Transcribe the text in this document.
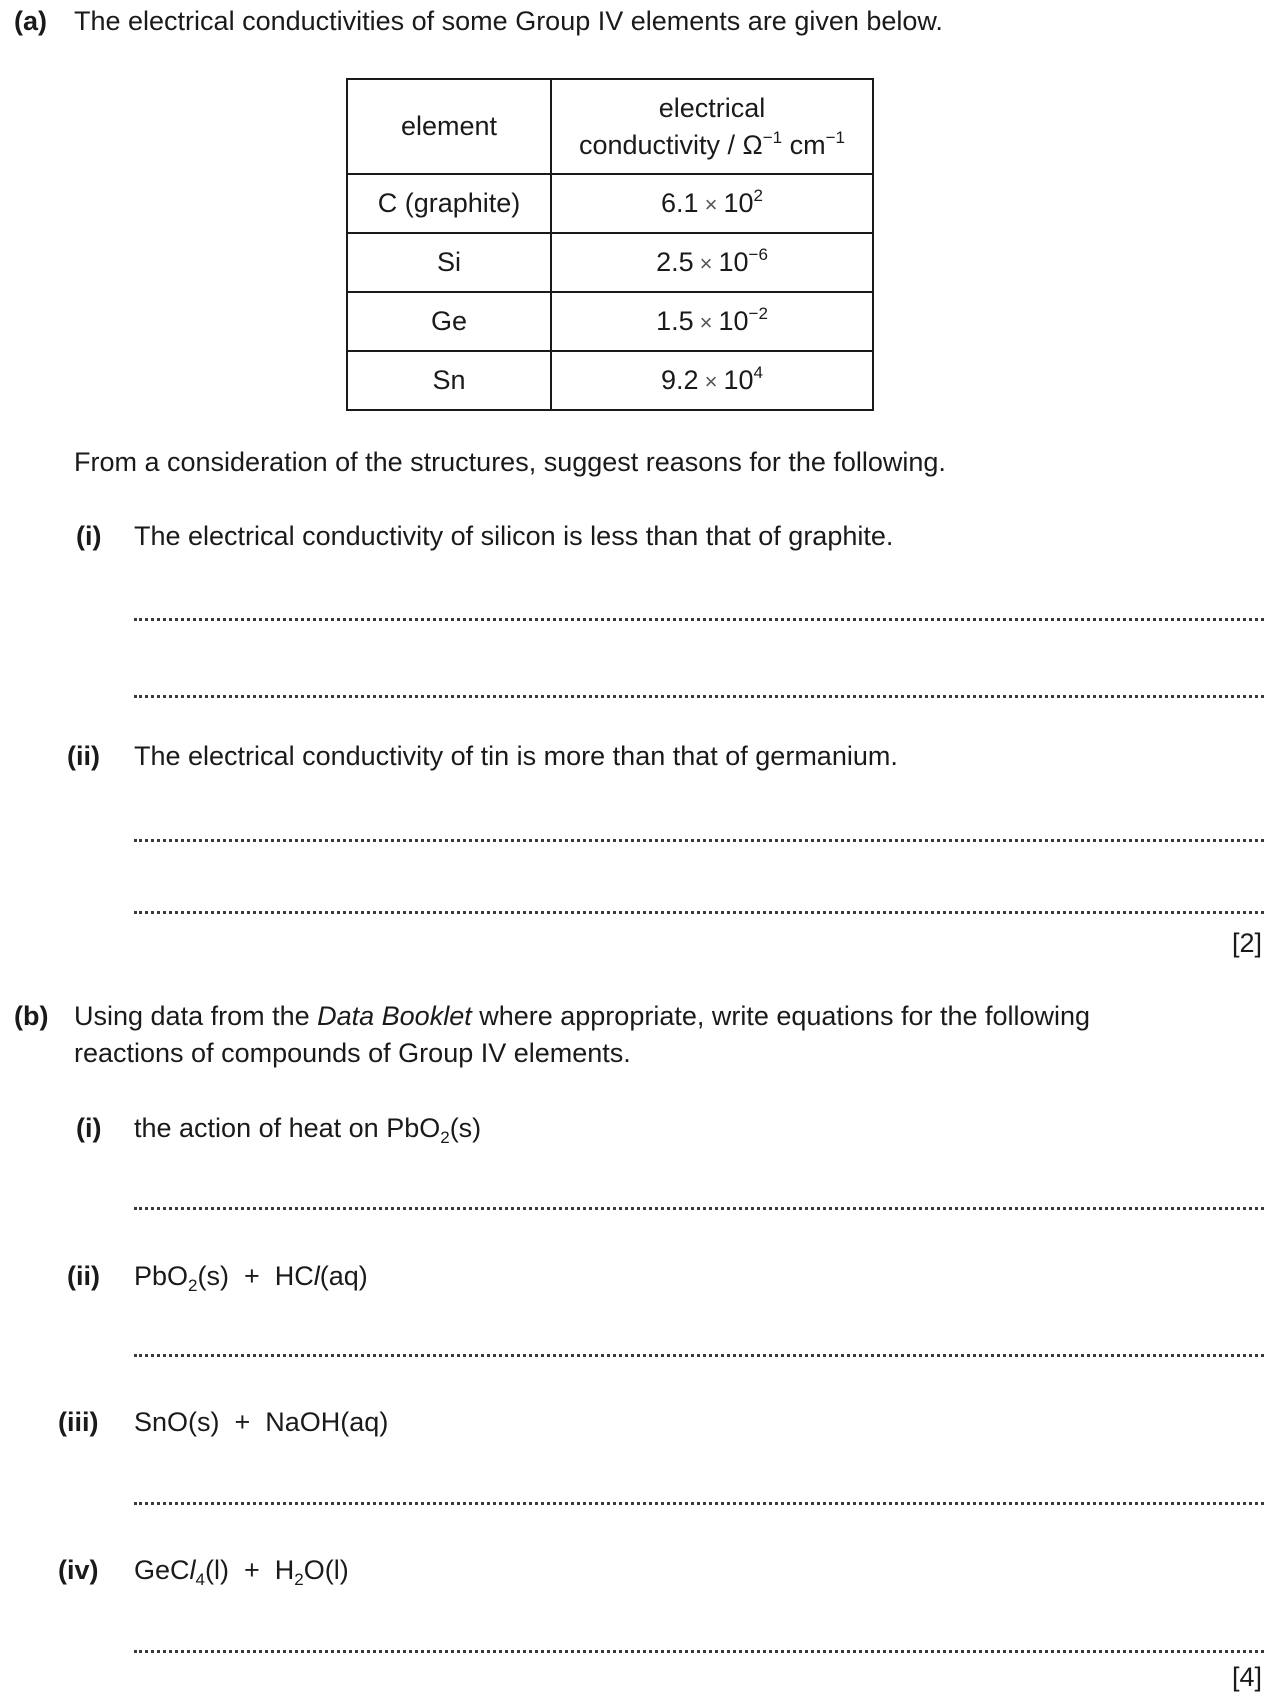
(a) The electrical conductivities of some Group IV elements are given below.
element	electrical
conductivity / $\Omega^{-1}$ $cm^{-1}$
C (graphite)	$6.1 \times 10^2$
Si	$2.5 \times 10^{-6}$
Ge	$1.5 \times 10^{-2}$
Sn	$9.2 \times 10^4$
From a consideration of the structures, suggest reasons for the following.
(i) The electrical conductivity of silicon is less than that of graphite.
(ii) The electrical conductivity of tin is more than that of germanium.
[2]
(b) Using data from the Data Booklet where appropriate, write equations for the following
reactions of compounds of Group IV elements.
(i) the action of heat on PbO$_2$(s)
(ii) PbO$_2$(s)  +  HCl(aq)
(iii) SnO(s)  +  NaOH(aq)
(iv) GeCl$_4$(l)  +  $H_2O(l)$
[4]
